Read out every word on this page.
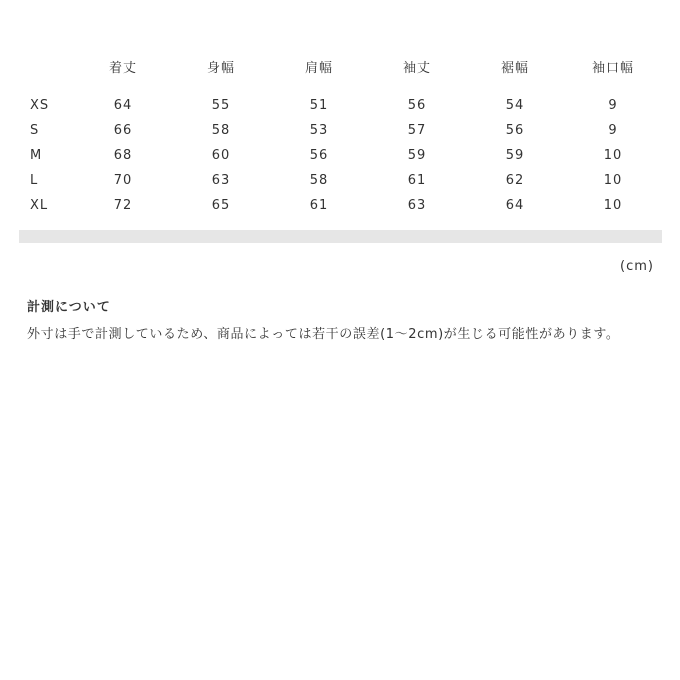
	着丈	身幅	肩幅	袖丈	裾幅	袖口幅

XS	64	55	51	56	54	9
S	66	58	53	57	56	9
M	68	60	56	59	59	10
L	70	63	58	61	62	10
XL	72	65	61	63	64	10
(cm)
計測について
外寸は手で計測しているため、商品によっては若干の誤差(1〜2cm)が生じる可能性があります。
